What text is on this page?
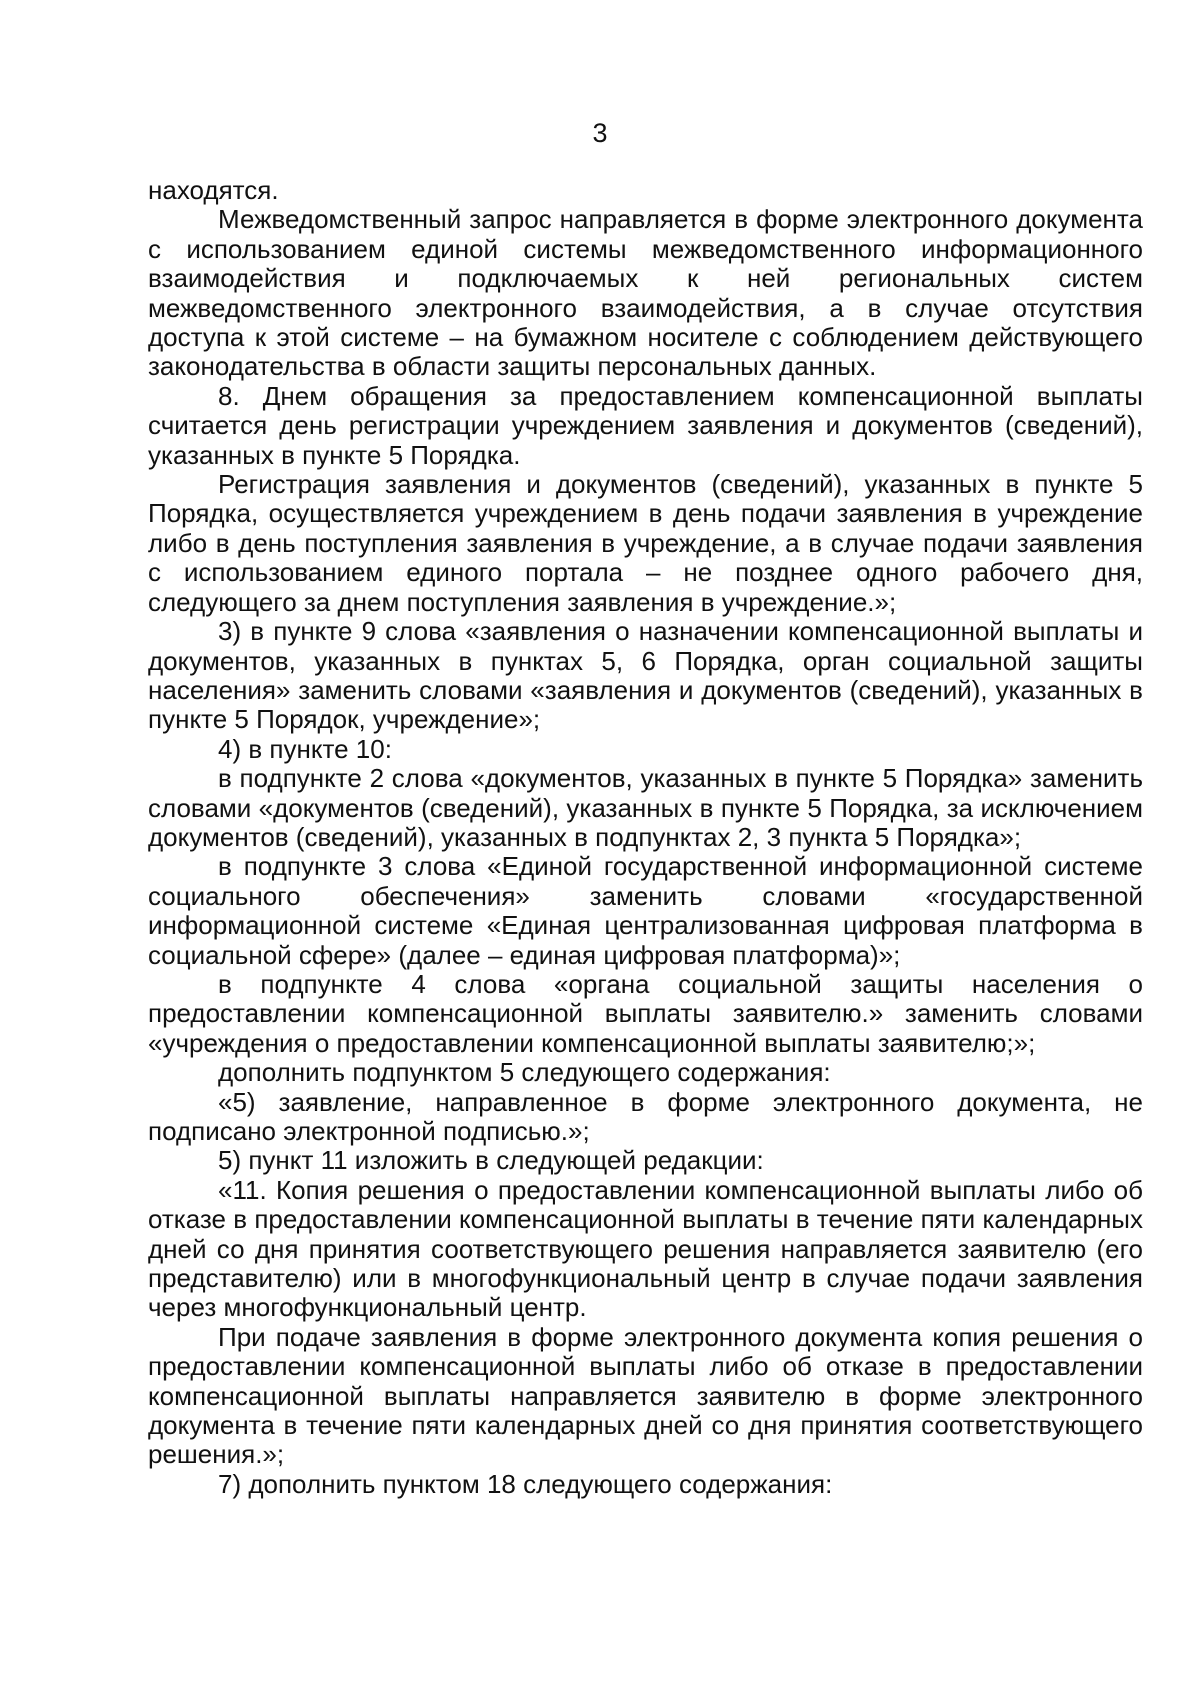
3

находятся.

Межведомственный запрос направляется в форме электронного документа с использованием единой системы межведомственного информационного взаимодействия и подключаемых к ней региональных систем межведомственного электронного взаимодействия, а в случае отсутствия доступа к этой системе – на бумажном носителе с соблюдением действующего законодательства в области защиты персональных данных.

8. Днем обращения за предоставлением компенсационной выплаты считается день регистрации учреждением заявления и документов (сведений), указанных в пункте 5 Порядка.

Регистрация заявления и документов (сведений), указанных в пункте 5 Порядка, осуществляется учреждением в день подачи заявления в учреждение либо в день поступления заявления в учреждение, а в случае подачи заявления с использованием единого портала – не позднее одного рабочего дня, следующего за днем поступления заявления в учреждение.»;

3) в пункте 9 слова «заявления о назначении компенсационной выплаты и документов, указанных в пунктах 5, 6 Порядка, орган социальной защиты населения» заменить словами «заявления и документов (сведений), указанных в пункте 5 Порядок, учреждение»;

4) в пункте 10:

в подпункте 2 слова «документов, указанных в пункте 5 Порядка» заменить словами «документов (сведений), указанных в пункте 5 Порядка, за исключением документов (сведений), указанных в подпунктах 2, 3 пункта 5 Порядка»;

в подпункте 3 слова «Единой государственной информационной системе социального обеспечения» заменить словами «государственной информационной системе «Единая централизованная цифровая платформа в социальной сфере» (далее – единая цифровая платформа)»;

в подпункте 4 слова «органа социальной защиты населения о предоставлении компенсационной выплаты заявителю.» заменить словами «учреждения о предоставлении компенсационной выплаты заявителю;»;

дополнить подпунктом 5 следующего содержания:

«5) заявление, направленное в форме электронного документа, не подписано электронной подписью.»;

5) пункт 11 изложить в следующей редакции:

«11. Копия решения о предоставлении компенсационной выплаты либо об отказе в предоставлении компенсационной выплаты в течение пяти календарных дней со дня принятия соответствующего решения направляется заявителю (его представителю) или в многофункциональный центр в случае подачи заявления через многофункциональный центр.

При подаче заявления в форме электронного документа копия решения о предоставлении компенсационной выплаты либо об отказе в предоставлении компенсационной выплаты направляется заявителю в форме электронного документа в течение пяти календарных дней со дня принятия соответствующего решения.»;

7) дополнить пунктом 18 следующего содержания:
